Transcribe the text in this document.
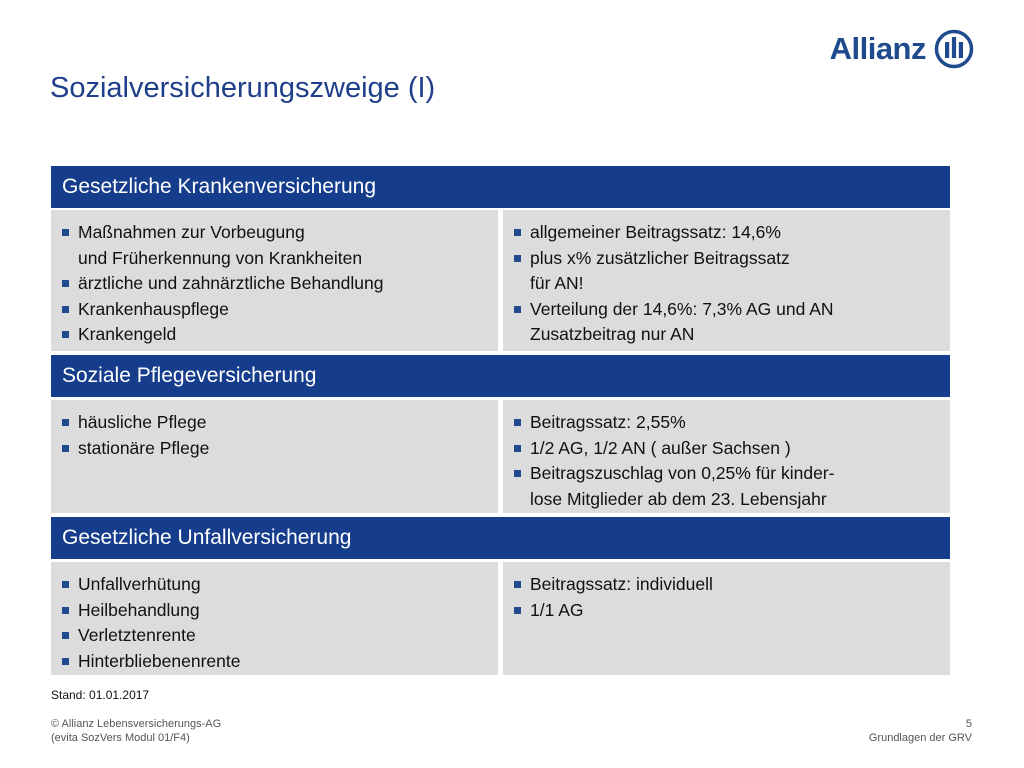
Allianz
Sozialversicherungszweige (I)
Gesetzliche Krankenversicherung
Maßnahmen zur Vorbeugung
und Früherkennung von Krankheiten
ärztliche und zahnärztliche Behandlung
Krankenhauspflege
Krankengeld
allgemeiner Beitragssatz: 14,6%
plus x% zusätzlicher Beitragssatz
für AN!
Verteilung der 14,6%: 7,3% AG und AN
Zusatzbeitrag nur AN
Soziale Pflegeversicherung
häusliche Pflege
stationäre Pflege
Beitragssatz: 2,55%
1/2 AG, 1/2 AN ( außer Sachsen )
Beitragszuschlag von 0,25% für kinder-
lose Mitglieder ab dem 23. Lebensjahr
Gesetzliche Unfallversicherung
Unfallverhütung
Heilbehandlung
Verletztenrente
Hinterbliebenenrente
Beitragssatz: individuell
1/1 AG
Stand: 01.01.2017
© Allianz Lebensversicherungs-AG
(evita SozVers Modul 01/F4)
5
Grundlagen der GRV
